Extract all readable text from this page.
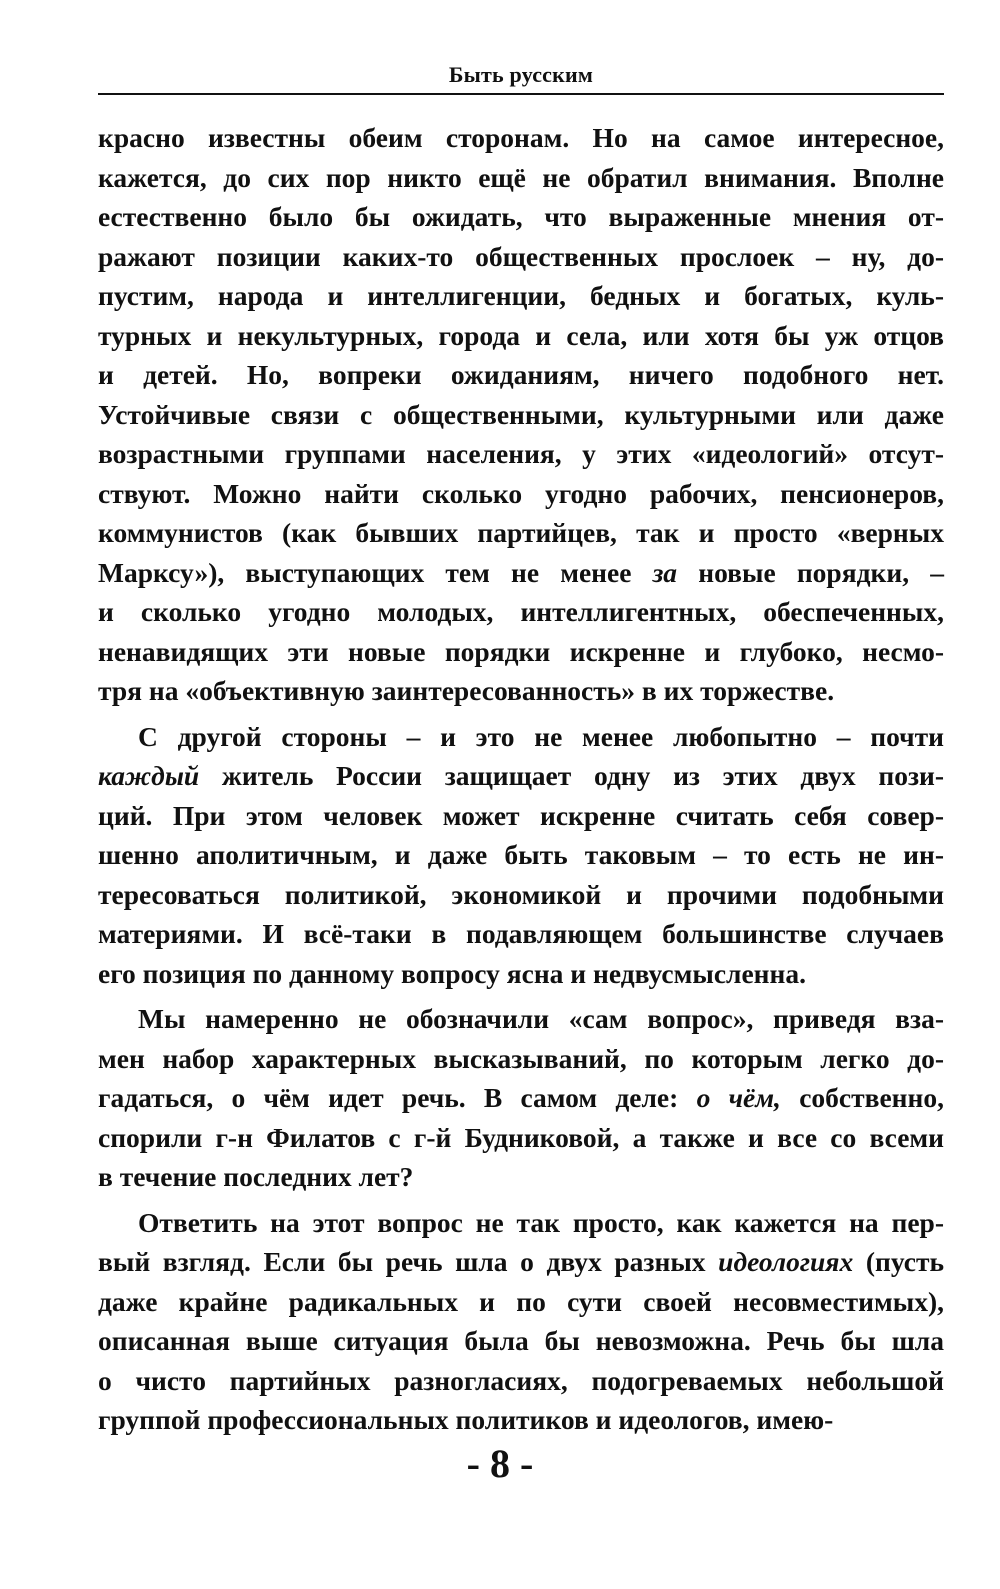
Быть русским
красно известны обеим сторонам. Но на самое интересное,
кажется, до сих пор никто ещё не обратил внимания. Вполне
естественно было бы ожидать, что выраженные мнения от-
ражают позиции каких-то общественных прослоек – ну, до-
пустим, народа и интеллигенции, бедных и богатых, куль-
турных и некультурных, города и села, или хотя бы уж отцов
и детей. Но, вопреки ожиданиям, ничего подобного нет.
Устойчивые связи с общественными, культурными или даже
возрастными группами населения, у этих «идеологий» отсут-
ствуют. Можно найти сколько угодно рабочих, пенсионеров,
коммунистов (как бывших партийцев, так и просто «верных
Марксу»), выступающих тем не менее за новые порядки, –
и сколько угодно молодых, интеллигентных, обеспеченных,
ненавидящих эти новые порядки искренне и глубоко, несмо-
тря на «объективную заинтересованность» в их торжестве.
С другой стороны – и это не менее любопытно – почти
каждый житель России защищает одну из этих двух пози-
ций. При этом человек может искренне считать себя совер-
шенно аполитичным, и даже быть таковым – то есть не ин-
тересоваться политикой, экономикой и прочими подобными
материями. И всё-таки в подавляющем большинстве случаев
его позиция по данному вопросу ясна и недвусмысленна.
Мы намеренно не обозначили «сам вопрос», приведя вза-
мен набор характерных высказываний, по которым легко до-
гадаться, о чём идет речь. В самом деле: о чём, собственно,
спорили г-н Филатов с г-й Будниковой, а также и все со всеми
в течение последних лет?
Ответить на этот вопрос не так просто, как кажется на пер-
вый взгляд. Если бы речь шла о двух разных идеологиях (пусть
даже крайне радикальных и по сути своей несовместимых),
описанная выше ситуация была бы невозможна. Речь бы шла
о чисто партийных разногласиях, подогреваемых небольшой
группой профессиональных политиков и идеологов, имею-
- 8 -
